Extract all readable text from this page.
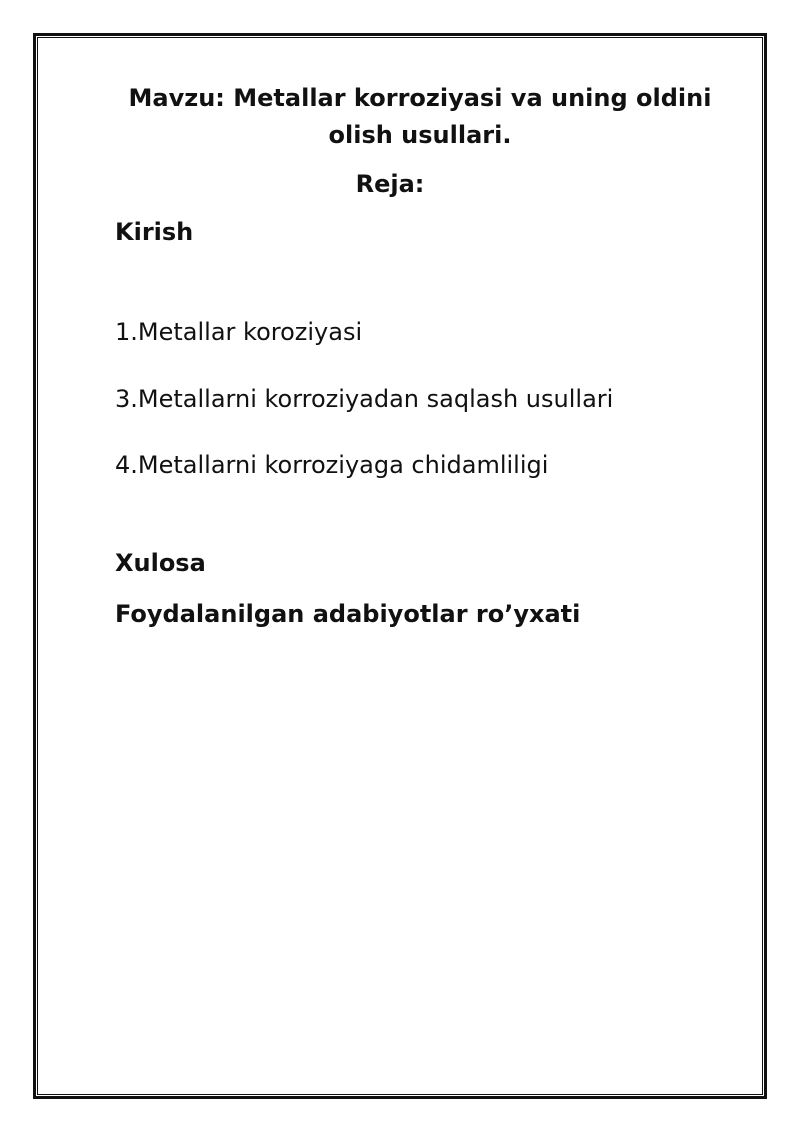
Mavzu: Metallar korroziyasi va uning oldini olish usullari.
Reja:
Kirish

1.Metallar koroziyasi

3.Metallarni korroziyadan saqlash usullari

4.Metallarni korroziyaga chidamliligi

Xulosa
Foydalanilgan adabiyotlar ro’yxati
